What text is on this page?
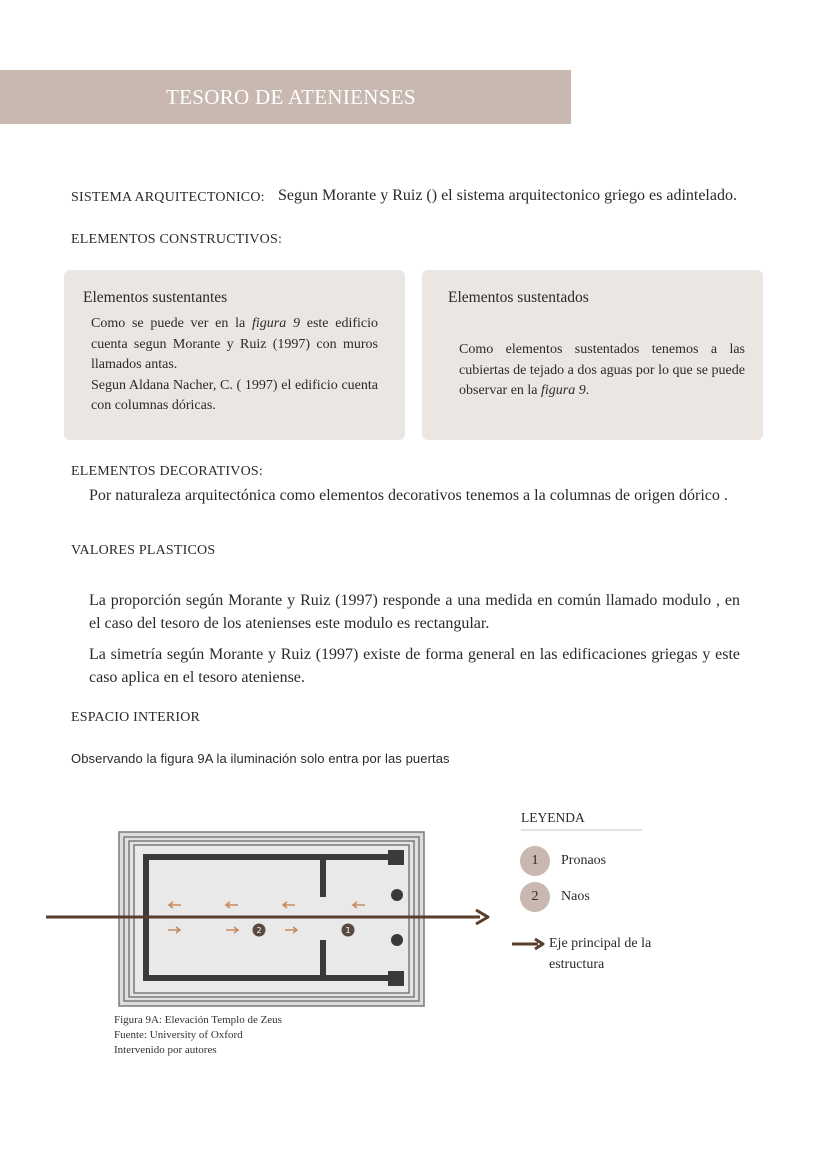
TESORO DE ATENIENSES
SISTEMA ARQUITECTONICO: Segun Morante y Ruiz () el sistema arquitectonico griego es adintelado.
ELEMENTOS CONSTRUCTIVOS:
Elementos sustentantes
Como se puede ver en la figura 9 este edificio cuenta segun Morante y Ruiz (1997) con muros llamados antas.
Segun Aldana Nacher, C. ( 1997) el edificio cuenta con columnas dóricas.
Elementos sustentados
Como elementos sustentados tenemos a las cubiertas de tejado a dos aguas por lo que se puede observar en la figura 9.
ELEMENTOS DECORATIVOS:
Por naturaleza arquitectónica como elementos decorativos tenemos a la columnas de origen dórico .
VALORES PLASTICOS
La proporción según Morante y Ruiz (1997) responde a una medida en común llamado modulo , en el caso del tesoro de los atenienses este modulo es rectangular.
La simetría según Morante y Ruiz (1997) existe de forma general en las edificaciones griegas y este caso aplica en el tesoro ateniense.
ESPACIO INTERIOR
Observando la figura 9A la iluminación solo entra por las puertas
2	1
Figura 9A: Elevación Templo de Zeus
Fuente: University of Oxford
Intervenido por autores
LEYENDA
1	Pronaos
2	Naos
Eje principal de la estructura
